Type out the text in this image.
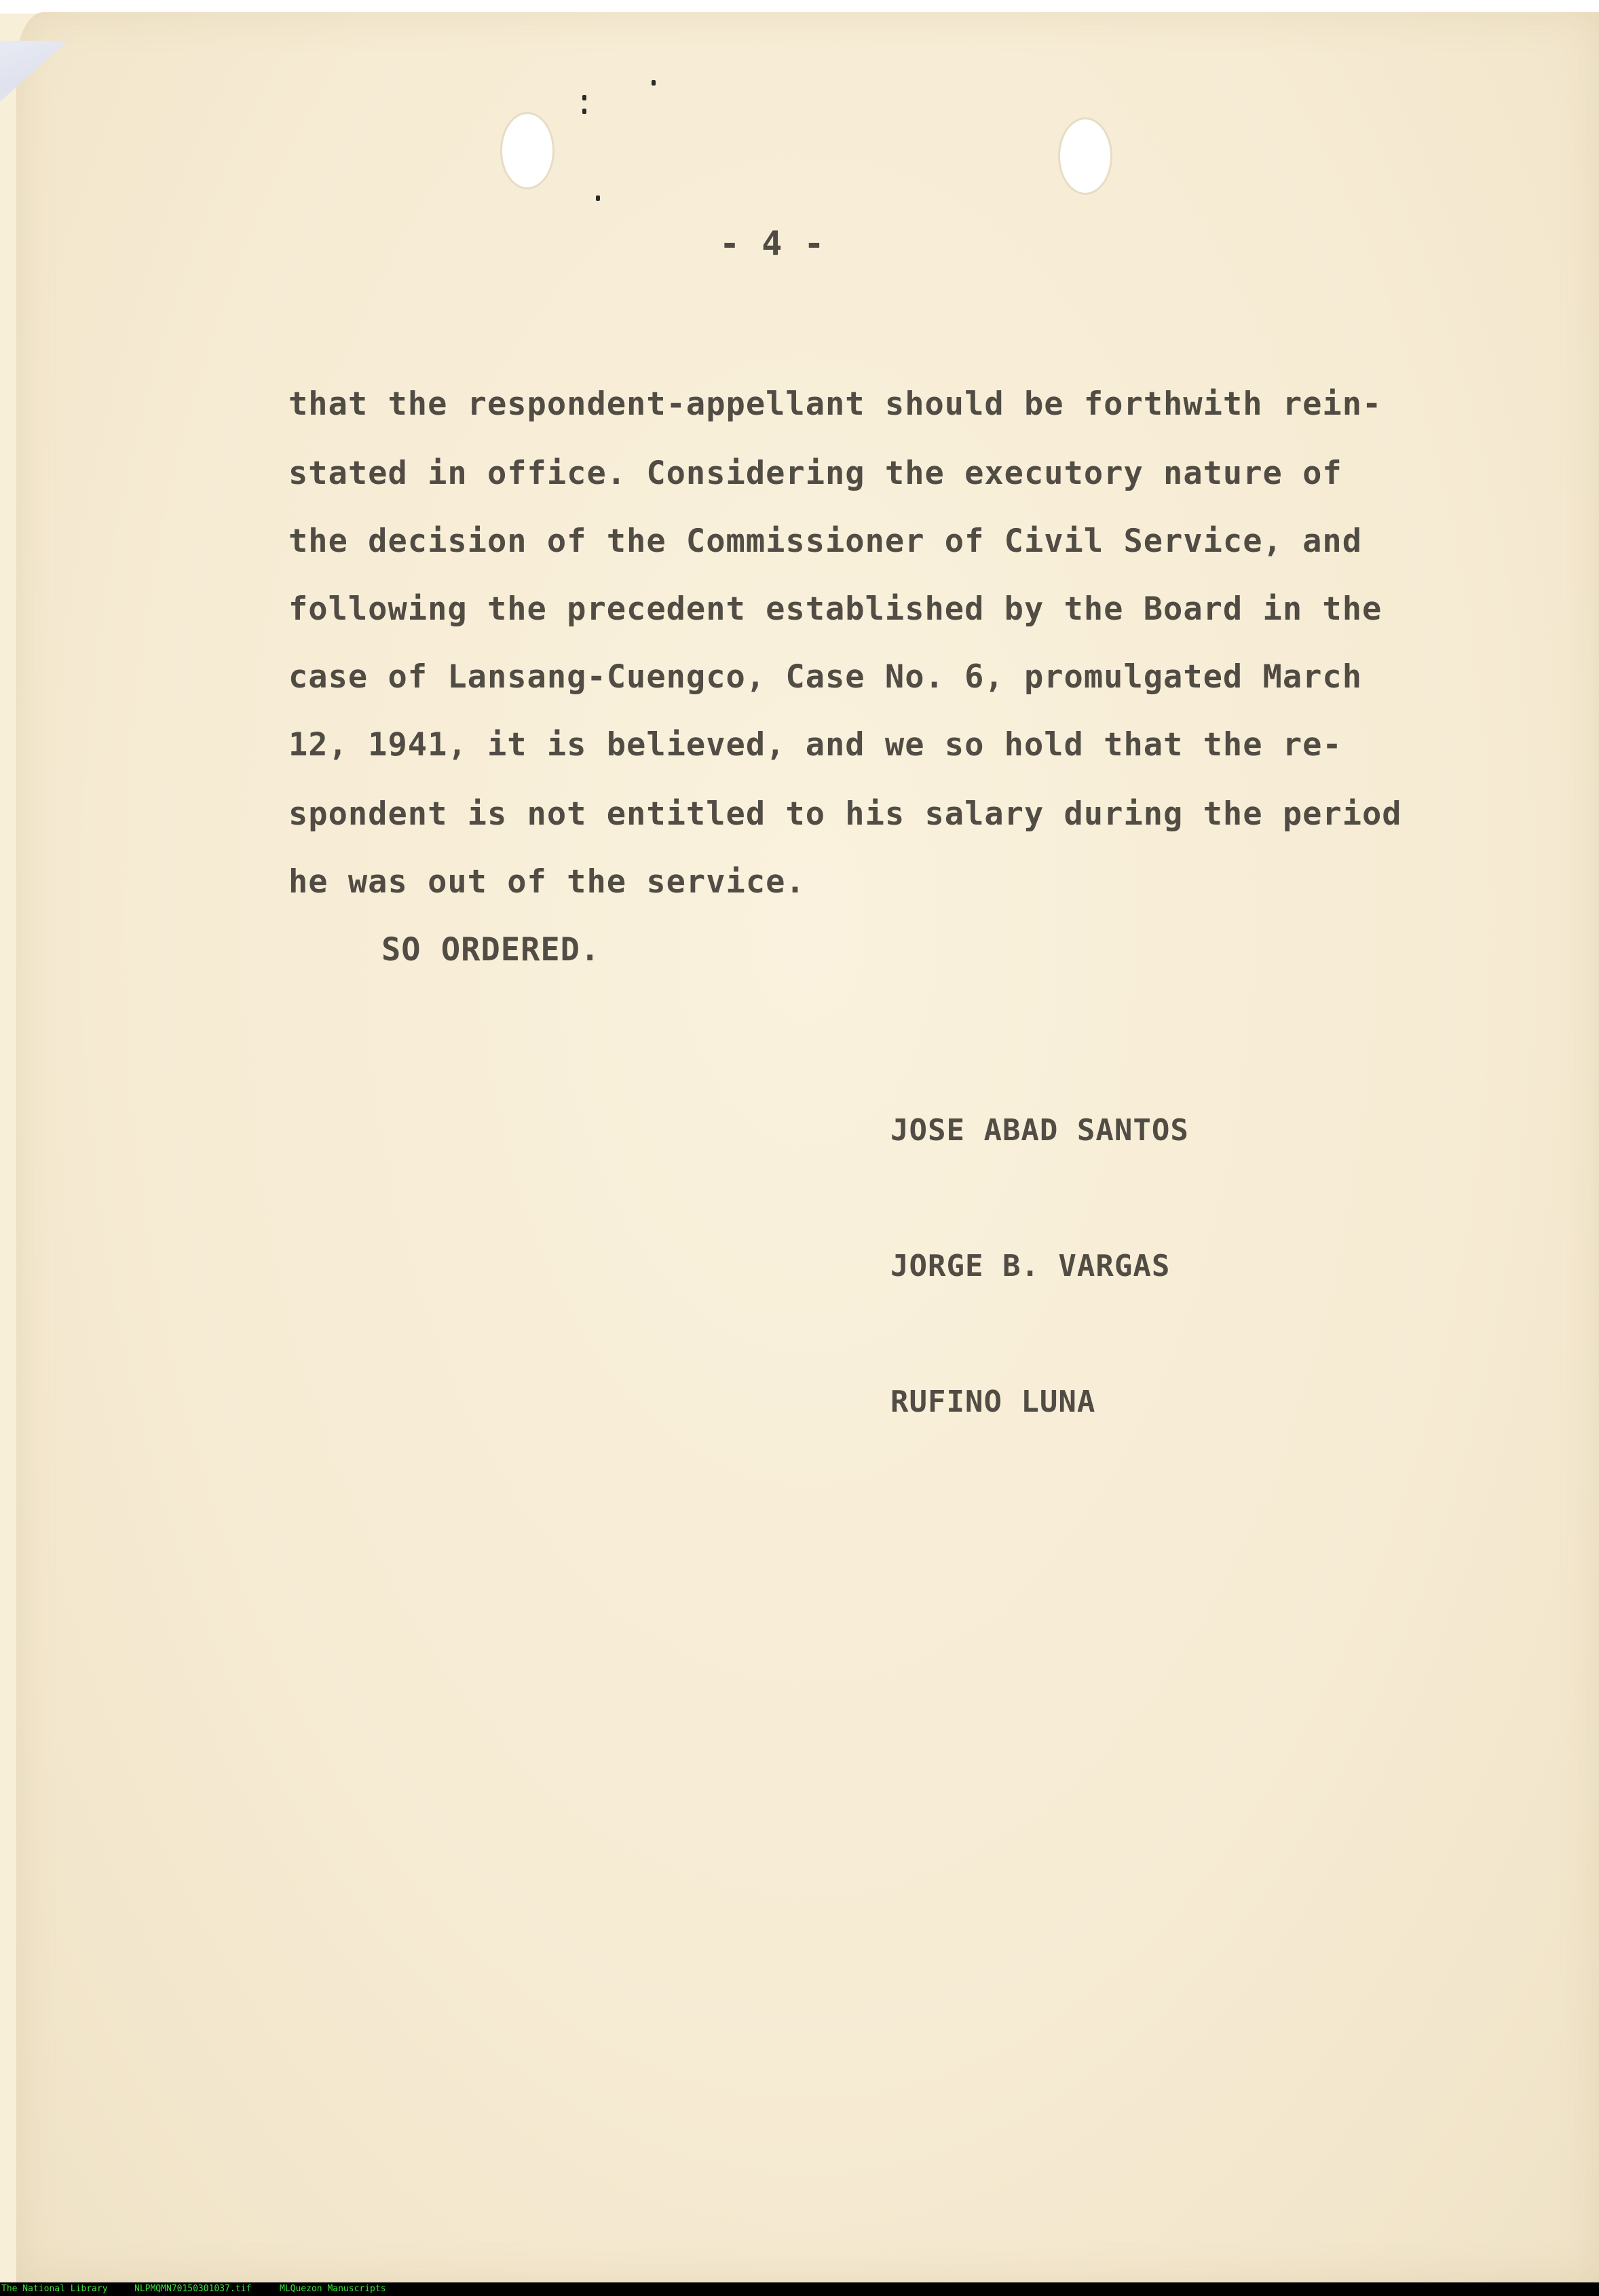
- 4 -
that the respondent-appellant should be forthwith rein-
stated in office. Considering the executory nature of
the decision of the Commissioner of Civil Service, and
following the precedent established by the Board in the
case of Lansang-Cuengco, Case No. 6, promulgated March
12, 1941, it is believed, and we so hold that the re-
spondent is not entitled to his salary during the period
he was out of the service.
SO ORDERED.
JOSE ABAD SANTOS
JORGE B. VARGAS
RUFINO LUNA
The National Library	NLPMQMN70150301037.tif	MLQuezon Manuscripts
